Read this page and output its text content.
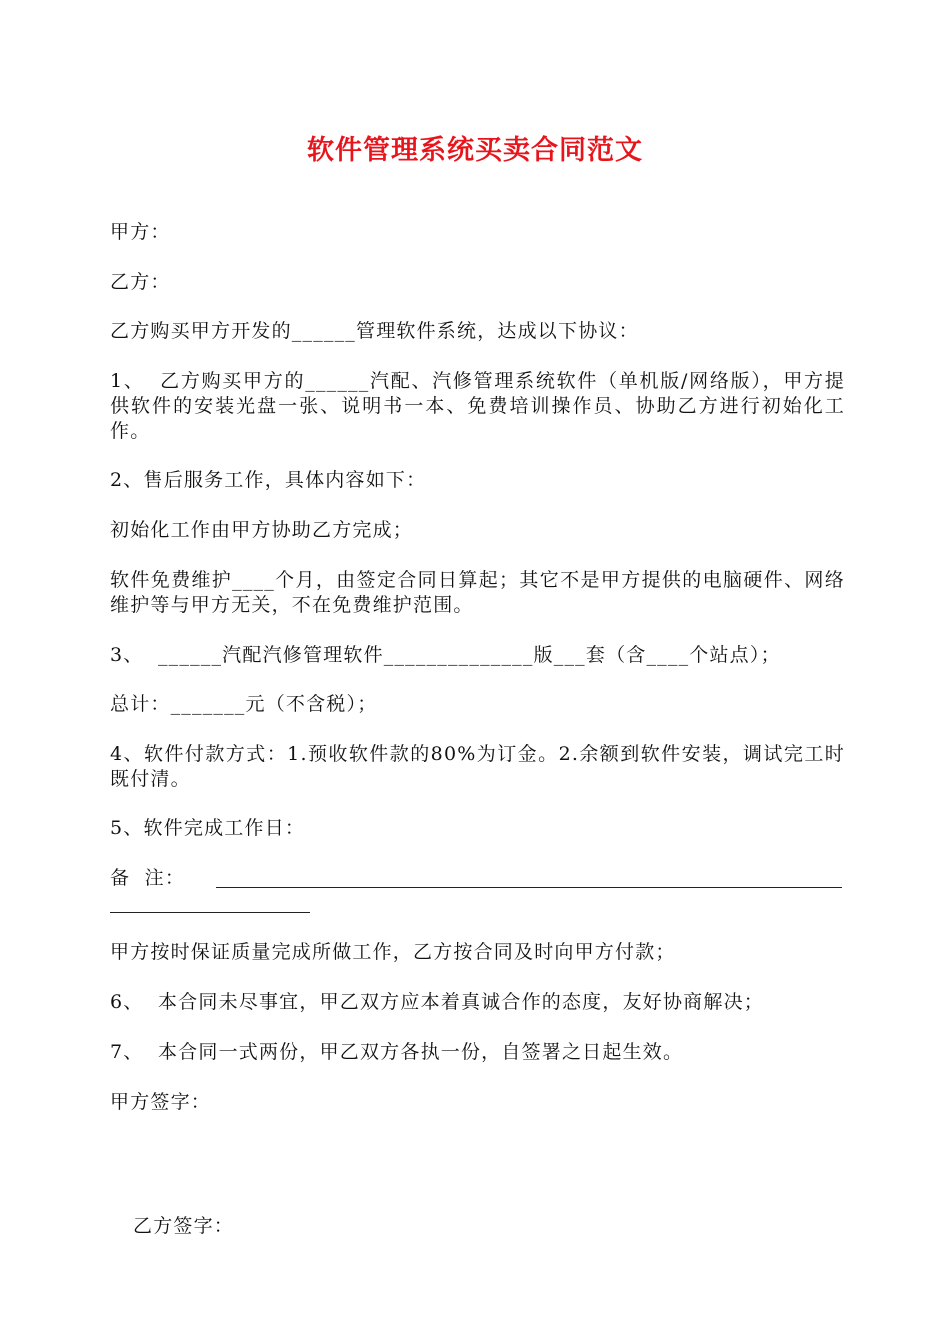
软件管理系统买卖合同范文
甲方：
乙方：
乙方购买甲方开发的______管理软件系统，达成以下协议：
1、  乙方购买甲方的______汽配、汽修管理系统软件（单机版/网络版），甲方提供软件的安装光盘一张、说明书一本、免费培训操作员、协助乙方进行初始化工作。
2、售后服务工作，具体内容如下：
初始化工作由甲方协助乙方完成；
软件免费维护____个月，由签定合同日算起；其它不是甲方提供的电脑硬件、网络维护等与甲方无关，不在免费维护范围。
3、  ______汽配汽修管理软件______________版___套（含____个站点）；
总计：_______元（不含税）；
4、软件付款方式：1.预收软件款的80%为订金。2.余额到软件安装，调试完工时既付清。
5、软件完成工作日：
备  注：
甲方按时保证质量完成所做工作，乙方按合同及时向甲方付款；
6、  本合同未尽事宜，甲乙双方应本着真诚合作的态度，友好协商解决；
7、  本合同一式两份，甲乙双方各执一份，自签署之日起生效。
甲方签字：
乙方签字：
